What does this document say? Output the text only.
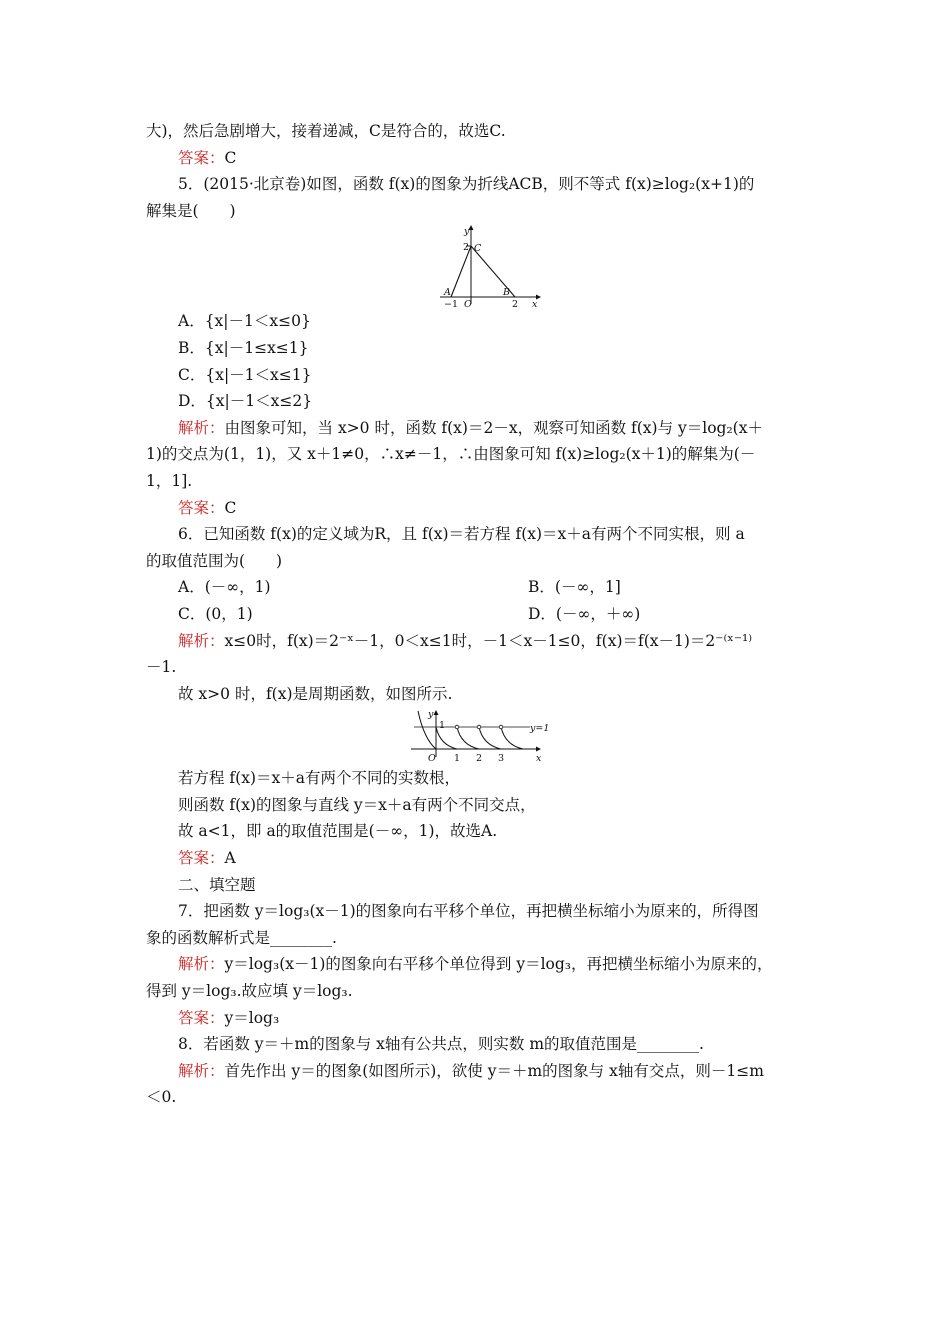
大)，然后急剧增大，接着递减，C是符合的，故选C.
答案：C
5．(2015·北京卷)如图，函数 f(x)的图象为折线ACB，则不等式 f(x)≥log₂(x+1)的
解集是(　　)
y
2 C
A	B
−1 O	2 x
A．{x|－1＜x≤0}
B．{x|－1≤x≤1}
C．{x|－1＜x≤1}
D．{x|－1＜x≤2}
解析：由图象可知，当 x>0 时，函数 f(x)＝2－x，观察可知函数 f(x)与 y＝log₂(x＋
1)的交点为(1，1)，又 x＋1≠0，∴x≠－1，∴由图象可知 f(x)≥log₂(x＋1)的解集为(－
1，1].
答案：C
6．已知函数 f(x)的定义域为R，且 f(x)＝若方程 f(x)＝x＋a有两个不同实根，则 a
的取值范围为(　　)
A．(－∞，1)	B．(－∞，1]
C．(0，1)	D．(－∞，＋∞)
解析：x≤0时，f(x)＝2⁻ˣ－1，0＜x≤1时，－1＜x－1≤0，f(x)＝f(x－1)＝2⁻⁽ˣ⁻¹⁾
－1.
故 x>0 时，f(x)是周期函数，如图所示.
y
1	y=1
O 1 2 3	x
若方程 f(x)＝x＋a有两个不同的实数根，
则函数 f(x)的图象与直线 y＝x＋a有两个不同交点，
故 a<1，即 a的取值范围是(－∞，1)，故选A.
答案：A
二、填空题
7．把函数 y＝log₃(x－1)的图象向右平移个单位，再把横坐标缩小为原来的，所得图
象的函数解析式是________.
解析：y＝log₃(x－1)的图象向右平移个单位得到 y＝log₃，再把横坐标缩小为原来的，
得到 y＝log₃.故应填 y＝log₃.
答案：y＝log₃
8．若函数 y＝＋m的图象与 x轴有公共点，则实数 m的取值范围是________.
解析：首先作出 y＝的图象(如图所示)，欲使 y＝＋m的图象与 x轴有交点，则－1≤m
＜0.
